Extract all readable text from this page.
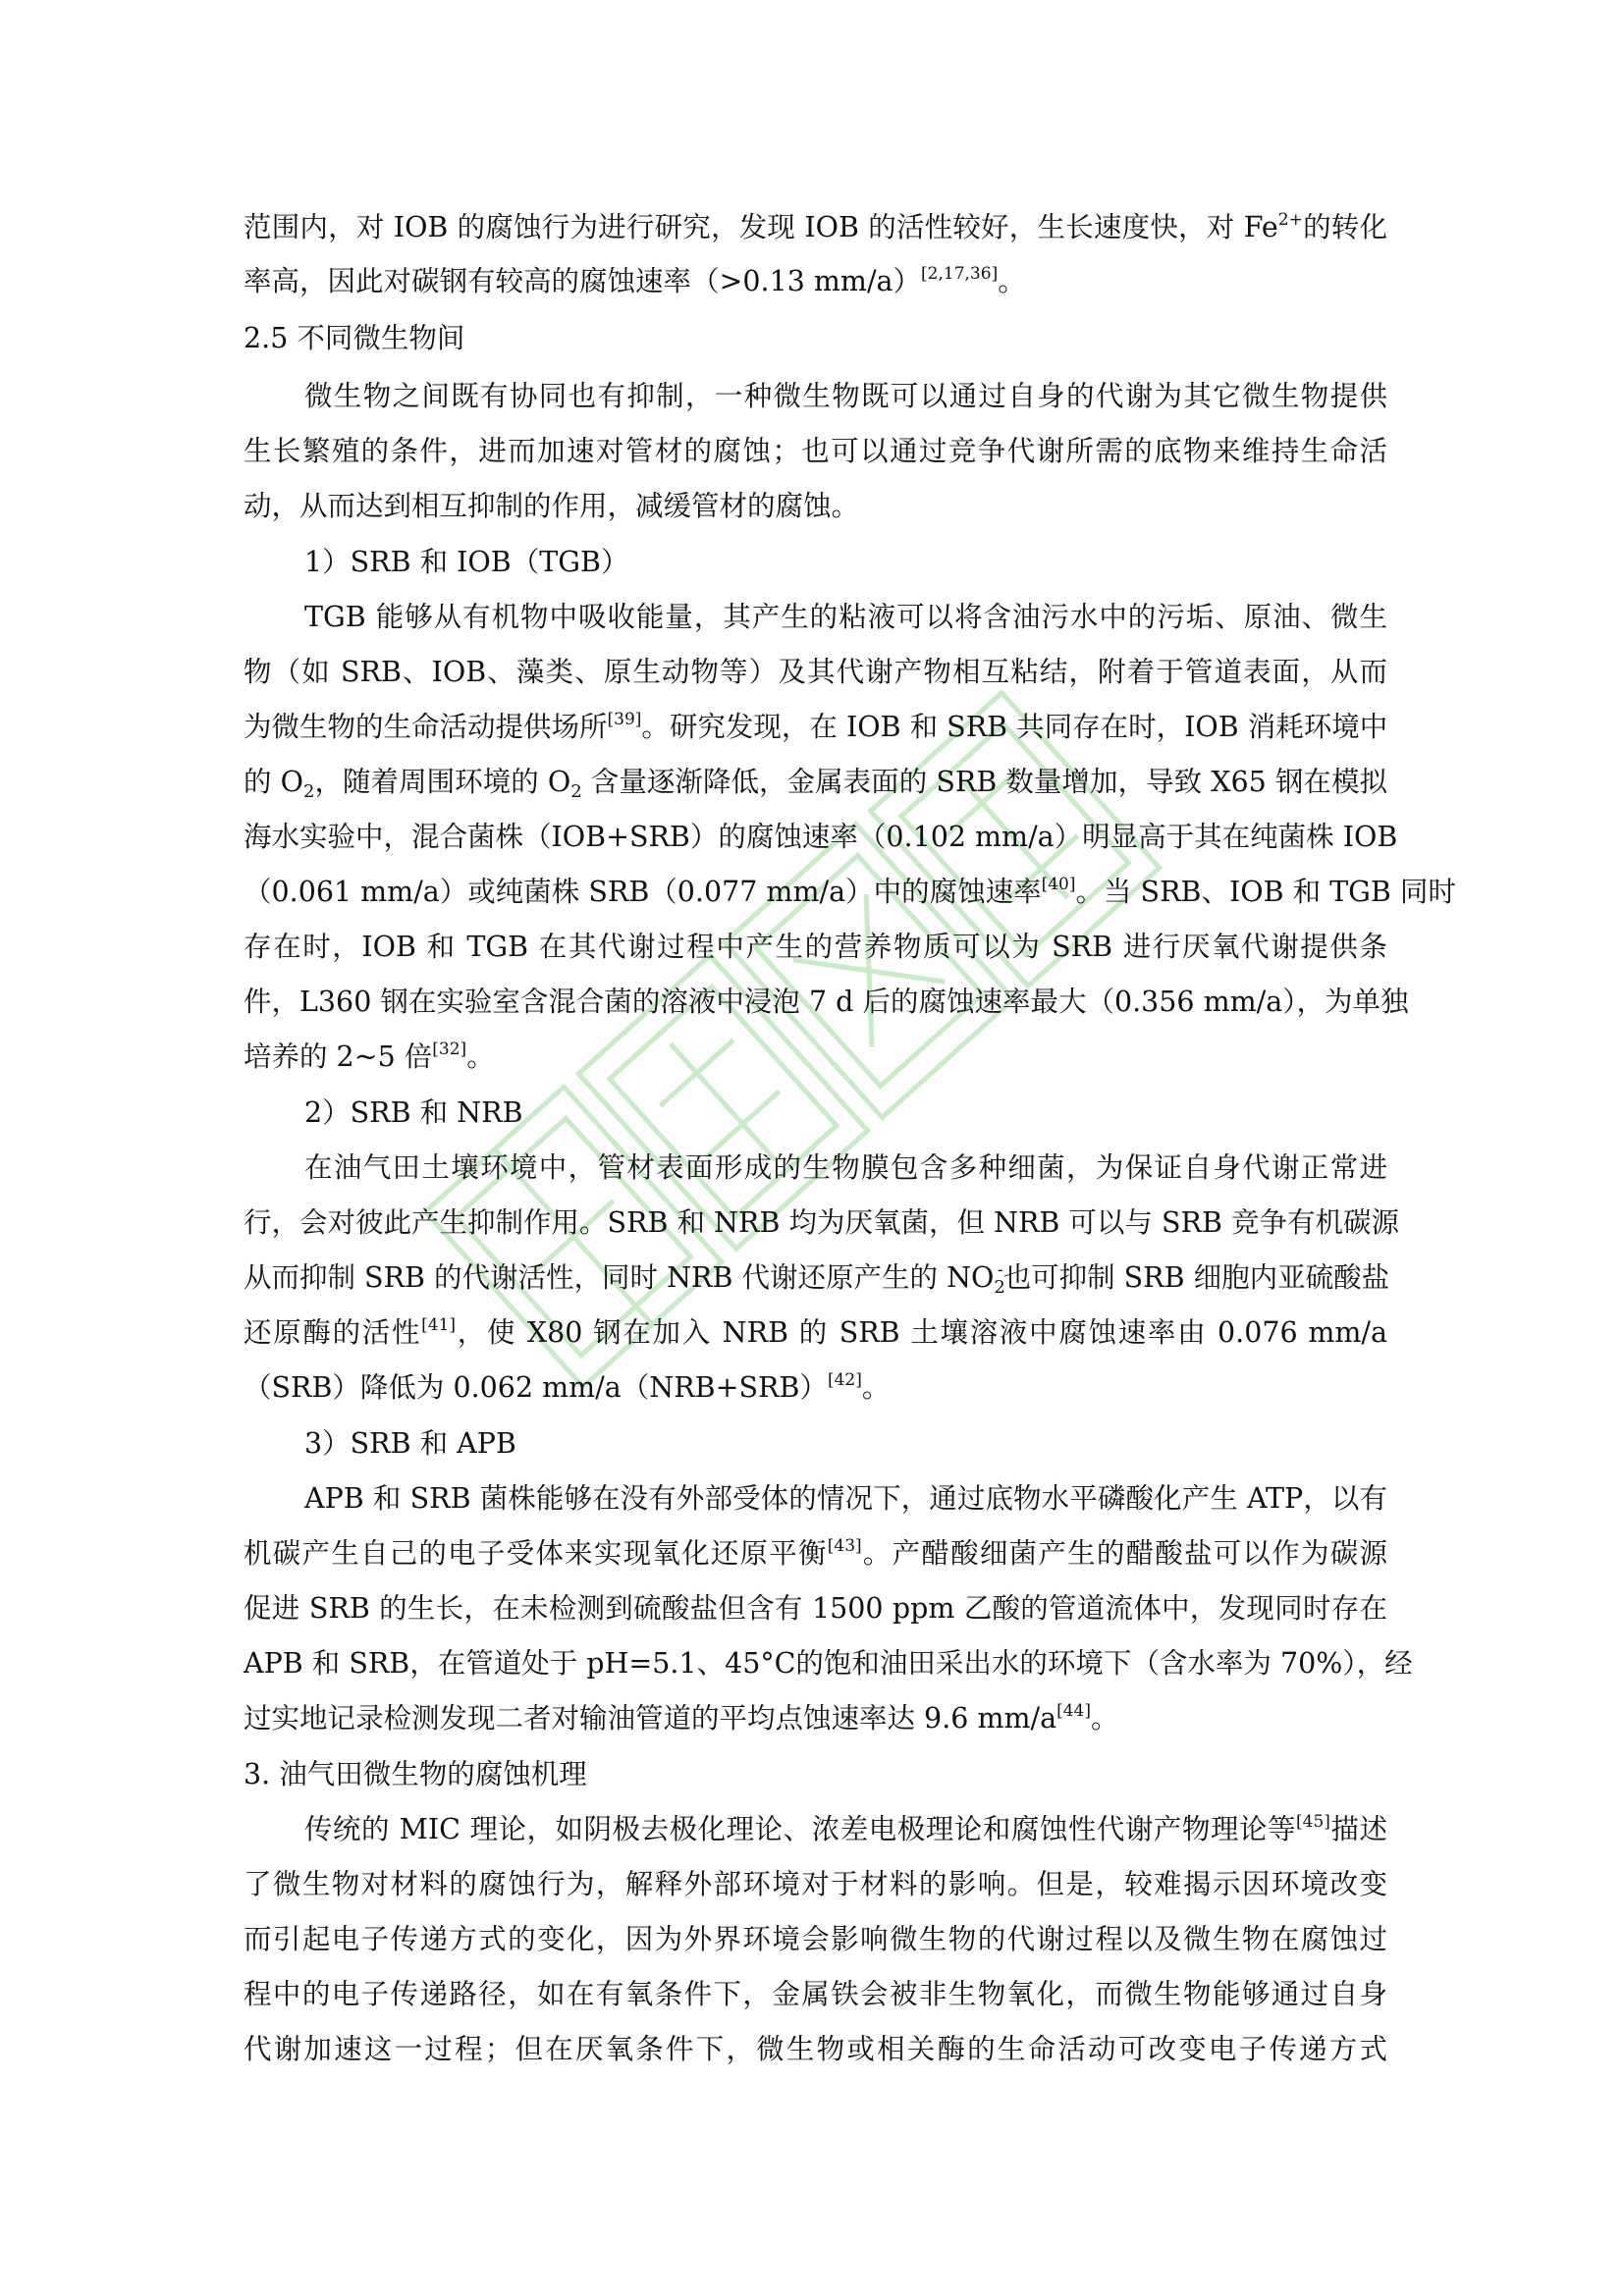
范围内，对 IOB 的腐蚀行为进行研究，发现 IOB 的活性较好，生长速度快，对 $Fe^{2+}$的转化
率高，因此对碳钢有较高的腐蚀速率（>0.13 mm/a）[2,17,36]。
2.5 不同微生物间
微生物之间既有协同也有抑制，一种微生物既可以通过自身的代谢为其它微生物提供
生长繁殖的条件，进而加速对管材的腐蚀；也可以通过竞争代谢所需的底物来维持生命活
动，从而达到相互抑制的作用，减缓管材的腐蚀。
1）SRB 和 IOB（TGB）
TGB 能够从有机物中吸收能量，其产生的粘液可以将含油污水中的污垢、原油、微生
物（如 SRB、IOB、藻类、原生动物等）及其代谢产物相互粘结，附着于管道表面，从而
为微生物的生命活动提供场所[39]。研究发现，在 IOB 和 SRB 共同存在时，IOB 消耗环境中
的 $O_2$，随着周围环境的 $O_2$ 含量逐渐降低，金属表面的 SRB 数量增加，导致 X65 钢在模拟
海水实验中，混合菌株（IOB+SRB）的腐蚀速率（0.102 mm/a）明显高于其在纯菌株 IOB
（0.061 mm/a）或纯菌株 SRB（0.077 mm/a）中的腐蚀速率[40]。当 SRB、IOB 和 TGB 同时
存在时，IOB 和 TGB 在其代谢过程中产生的营养物质可以为 SRB 进行厌氧代谢提供条
件，L360 钢在实验室含混合菌的溶液中浸泡 7 d 后的腐蚀速率最大（0.356 mm/a），为单独
培养的 2~5 倍[32]。
2）SRB 和 NRB
在油气田土壤环境中，管材表面形成的生物膜包含多种细菌，为保证自身代谢正常进
行，会对彼此产生抑制作用。SRB 和 NRB 均为厌氧菌，但 NRB 可以与 SRB 竞争有机碳源
从而抑制 SRB 的代谢活性，同时 NRB 代谢还原产生的 $NO_2^-$也可抑制 SRB 细胞内亚硫酸盐
还原酶的活性[41]，使 X80 钢在加入 NRB 的 SRB 土壤溶液中腐蚀速率由 0.076 mm/a
（SRB）降低为 0.062 mm/a（NRB+SRB）[42]。
3）SRB 和 APB
APB 和 SRB 菌株能够在没有外部受体的情况下，通过底物水平磷酸化产生 ATP，以有
机碳产生自己的电子受体来实现氧化还原平衡[43]。产醋酸细菌产生的醋酸盐可以作为碳源
促进 SRB 的生长，在未检测到硫酸盐但含有 1500 ppm 乙酸的管道流体中，发现同时存在
APB 和 SRB，在管道处于 pH=5.1、45°C的饱和油田采出水的环境下（含水率为 70%），经
过实地记录检测发现二者对输油管道的平均点蚀速率达 9.6 mm/a[44]。
3. 油气田微生物的腐蚀机理
传统的 MIC 理论，如阴极去极化理论、浓差电极理论和腐蚀性代谢产物理论等[45]描述
了微生物对材料的腐蚀行为，解释外部环境对于材料的影响。但是，较难揭示因环境改变
而引起电子传递方式的变化，因为外界环境会影响微生物的代谢过程以及微生物在腐蚀过
程中的电子传递路径，如在有氧条件下，金属铁会被非生物氧化，而微生物能够通过自身
代谢加速这一过程；但在厌氧条件下，微生物或相关酶的生命活动可改变电子传递方式
